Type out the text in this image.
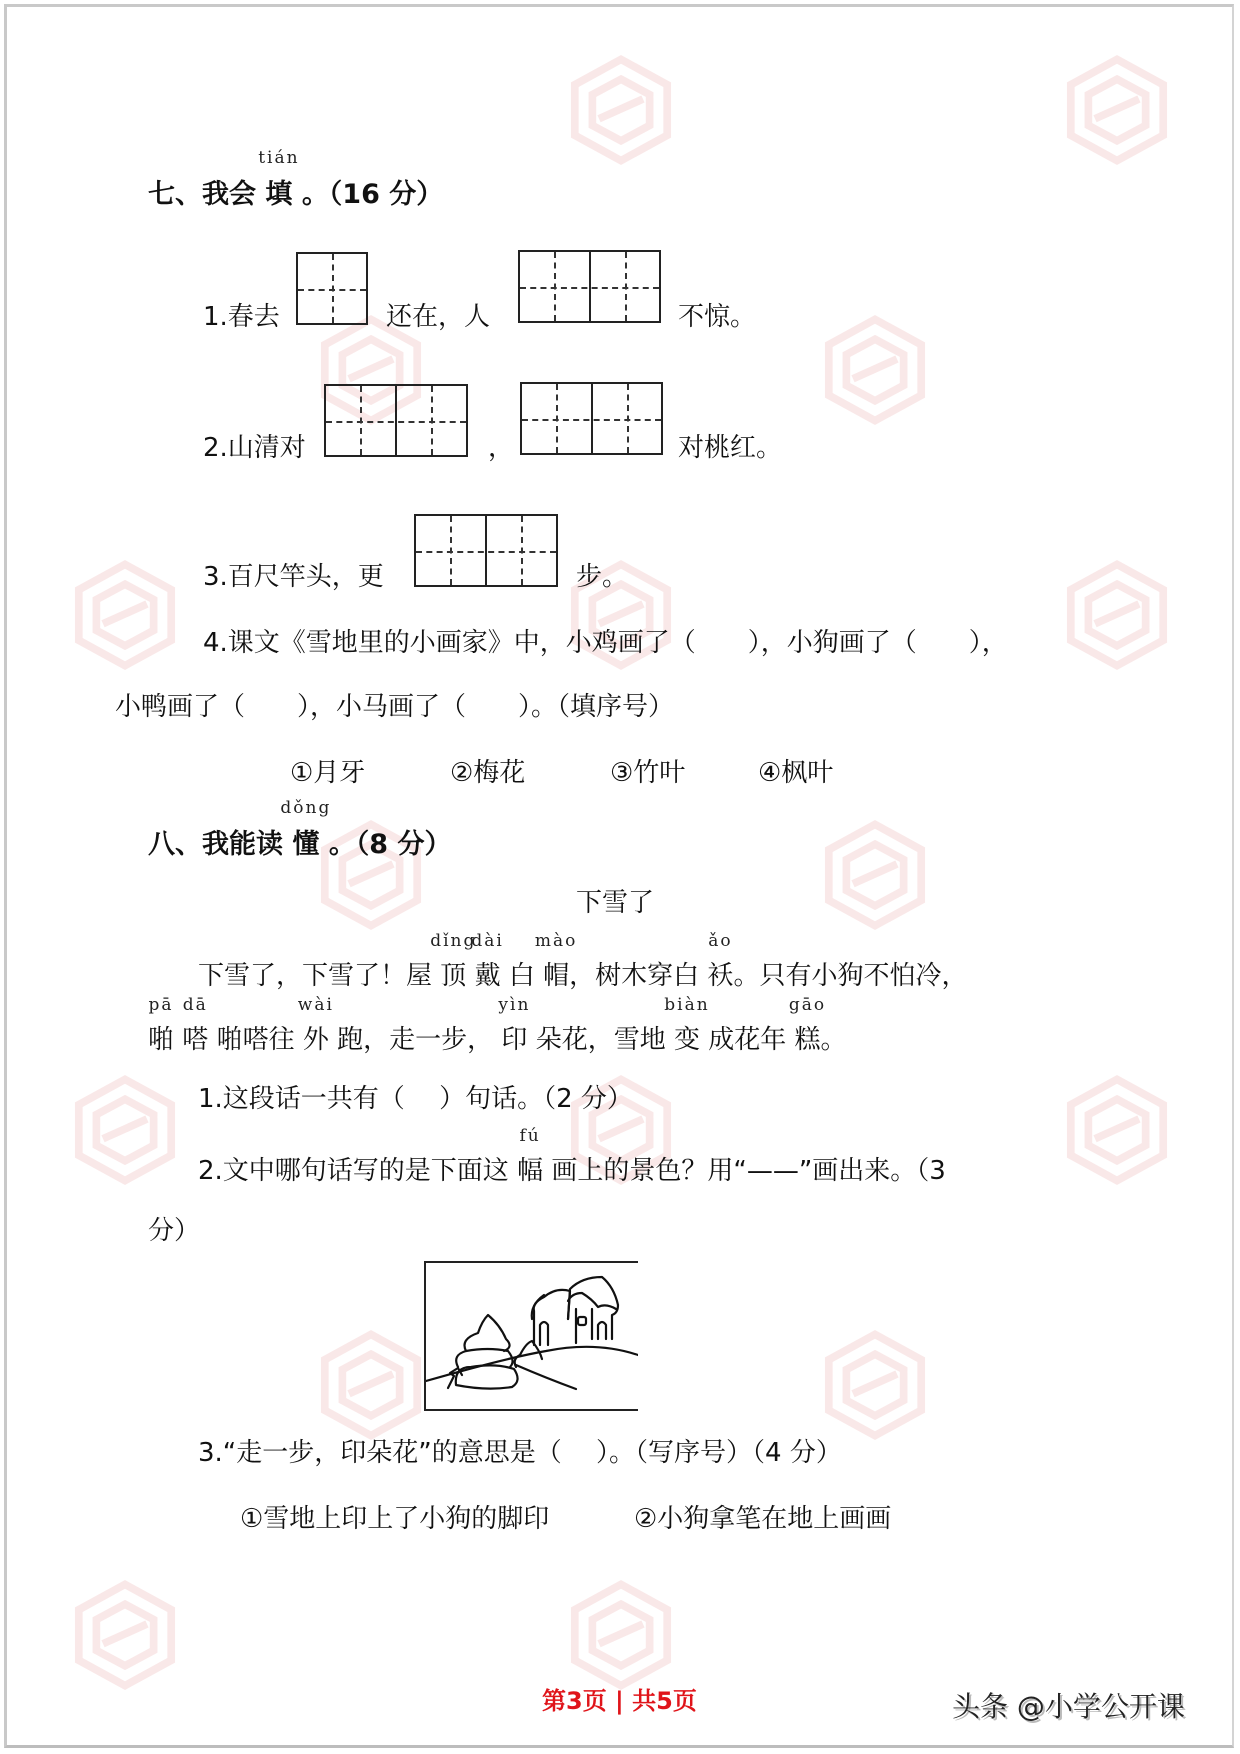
七、我会
tián
填 。（16 分）
1.春去	还在，人	不惊。
2.山清对	，	对桃红。
3.百尺竿头，更	步。
4.课文《雪地里的小画家》中，小鸡画了（　　），小狗画了（　　），
小鸭画了（　　），小马画了（　　）。（填序号）
①月牙	②梅花	③竹叶	④枫叶
八、我能读
dǒng
懂 。（8 分）
下雪了
下雪了，下雪了！屋
dǐng
顶
dài
戴 白
mào
帽，树木穿白
ǎo
袄。只有小狗不怕冷，
pā
啪
dā
嗒 啪嗒往
wài
外 跑，走一步，
yìn
印 朵花，雪地
biàn
变 成花年
gāo
糕。
1.这段话一共有（　 ）句话。（2 分）
2.文中哪句话写的是下面这
fú
幅 画上的景色？用“——”画出来。（3
分）
3.“走一步，印朵花”的意思是（　 ）。（写序号）（4 分）
①雪地上印上了小狗的脚印	②小狗拿笔在地上画画
第3页 | 共5页	头条 @小学公开课
